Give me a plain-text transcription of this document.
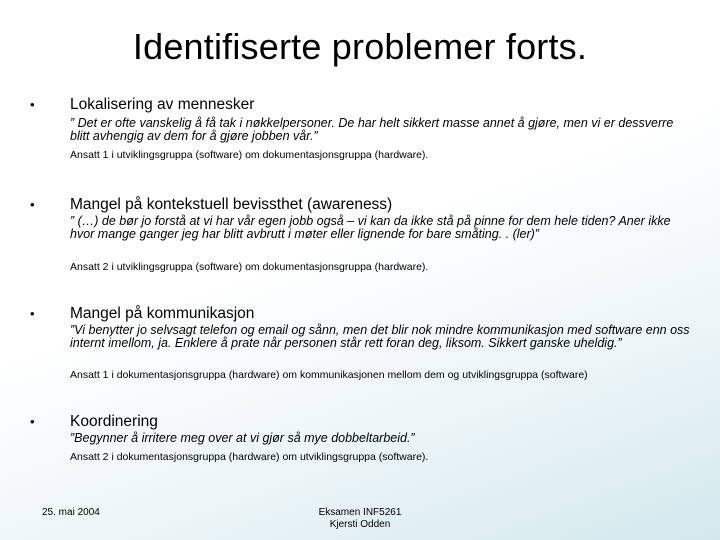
Identifiserte problemer forts.
• Lokalisering av mennesker
” Det er ofte vanskelig å få tak i nøkkelpersoner. De har helt sikkert masse annet å gjøre, men vi er dessverre blitt avhengig av dem for å gjøre jobben vår.”
Ansatt 1 i utviklingsgruppa (software) om dokumentasjonsgruppa (hardware).
• Mangel på kontekstuell bevissthet (awareness)
” (…) de bør jo forstå at vi har vår egen jobb også – vi kan da ikke stå på pinne for dem hele tiden? Aner ikke hvor mange ganger jeg har blitt avbrutt i møter eller lignende for bare småting. . (ler)”
Ansatt 2 i utviklingsgruppa (software) om dokumentasjonsgruppa (hardware).
• Mangel på kommunikasjon
”Vi benytter jo selvsagt telefon og email og sånn, men det blir nok mindre kommunikasjon med software enn oss internt imellom, ja. Enklere å prate når personen står rett foran deg, liksom. Sikkert ganske uheldig.”
Ansatt 1 i dokumentasjonsgruppa (hardware) om kommunikasjonen mellom dem og utviklingsgruppa (software)
• Koordinering
”Begynner å irritere meg over at vi gjør så mye dobbeltarbeid.”
Ansatt 2 i dokumentasjonsgruppa (hardware) om utviklingsgruppa (software).
25. mai 2004	Eksamen INF5261
Kjersti Odden
